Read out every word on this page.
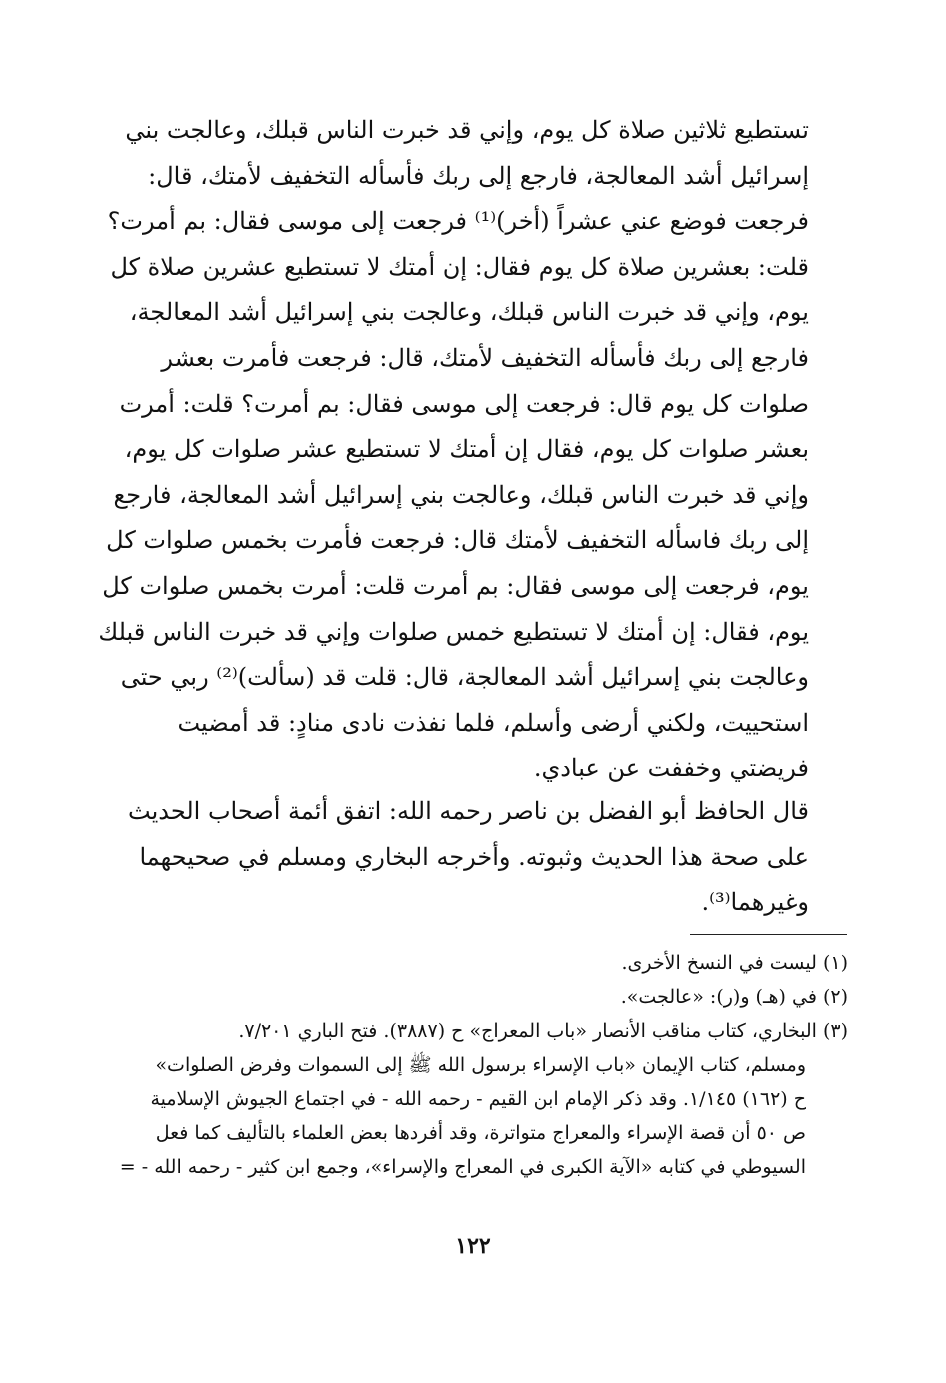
تستطيع ثلاثين صلاة كل يوم، وإني قد خبرت الناس قبلك، وعالجت بني
إسرائيل أشد المعالجة، فارجع إلى ربك فأسأله التخفيف لأمتك، قال:
فرجعت فوضع عني عشراً (أخر)⁽¹⁾ فرجعت إلى موسى فقال: بم أمرت؟
قلت: بعشرين صلاة كل يوم فقال: إن أمتك لا تستطيع عشرين صلاة كل
يوم، وإني قد خبرت الناس قبلك، وعالجت بني إسرائيل أشد المعالجة،
فارجع إلى ربك فأسأله التخفيف لأمتك، قال: فرجعت فأمرت بعشر
صلوات كل يوم قال: فرجعت إلى موسى فقال: بم أمرت؟ قلت: أمرت
بعشر صلوات كل يوم، فقال إن أمتك لا تستطيع عشر صلوات كل يوم،
وإني قد خبرت الناس قبلك، وعالجت بني إسرائيل أشد المعالجة، فارجع
إلى ربك فاسأله التخفيف لأمتك قال: فرجعت فأمرت بخمس صلوات كل
يوم، فرجعت إلى موسى فقال: بم أمرت قلت: أمرت بخمس صلوات كل
يوم، فقال: إن أمتك لا تستطيع خمس صلوات وإني قد خبرت الناس قبلك
وعالجت بني إسرائيل أشد المعالجة، قال: قلت قد (سألت)⁽²⁾ ربي حتى
استحييت، ولكني أرضى وأسلم، فلما نفذت نادى منادٍ: قد أمضيت
فريضتي وخففت عن عبادي.
قال الحافظ أبو الفضل بن ناصر رحمه الله: اتفق أئمة أصحاب الحديث
على صحة هذا الحديث وثبوته. وأخرجه البخاري ومسلم في صحيحهما
وغيرهما⁽³⁾.
(١) ليست في النسخ الأخرى.
(٢) في (هـ) و(ر): «عالجت».
(٣) البخاري، كتاب مناقب الأنصار «باب المعراج» ح (٣٨٨٧). فتح الباري ٧/٢٠١.
ومسلم، كتاب الإيمان «باب الإسراء برسول الله ﷺ إلى السموات وفرض الصلوات»
ح (١٦٢) ١/١٤٥. وقد ذكر الإمام ابن القيم - رحمه الله - في اجتماع الجيوش الإسلامية
ص ٥٠ أن قصة الإسراء والمعراج متواترة، وقد أفردها بعض العلماء بالتأليف كما فعل
السيوطي في كتابه «الآية الكبرى في المعراج والإسراء»، وجمع ابن كثير - رحمه الله - =
١٢٢
